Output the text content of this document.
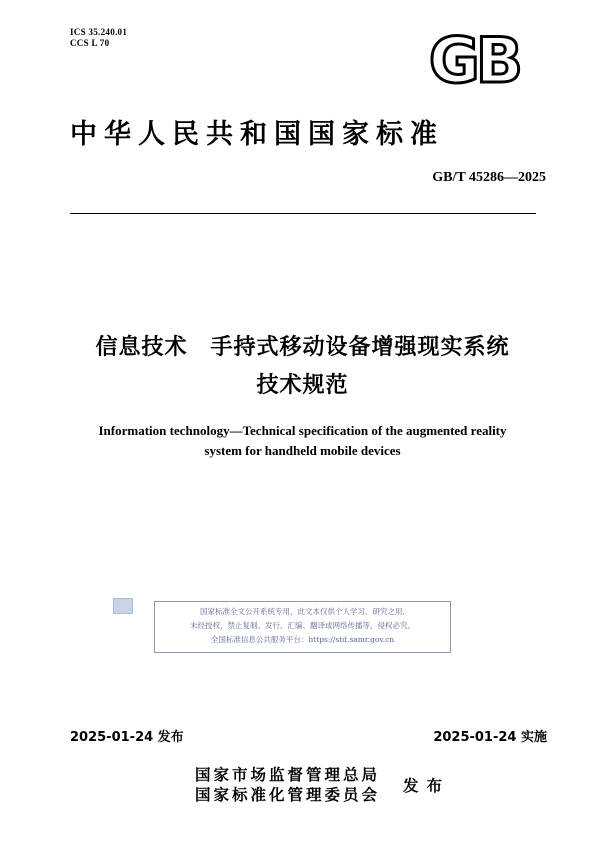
ICS 35.240.01
CCS L 70	GB
中华人民共和国国家标准
GB/T 45286—2025
信息技术　手持式移动设备增强现实系统
技术规范
Information technology—Technical specification of the augmented reality
system for handheld mobile devices
国家标准全文公开系统专用，此文本仅供个人学习、研究之用,
未经授权，禁止复制、发行、汇编、翻译或网络传播等，侵权必究。
全国标准信息公共服务平台：https://std.samr.gov.cn
2025-01-24 发布	2025-01-24 实施
国家市场监督管理总局
国家标准化管理委员会 发布
